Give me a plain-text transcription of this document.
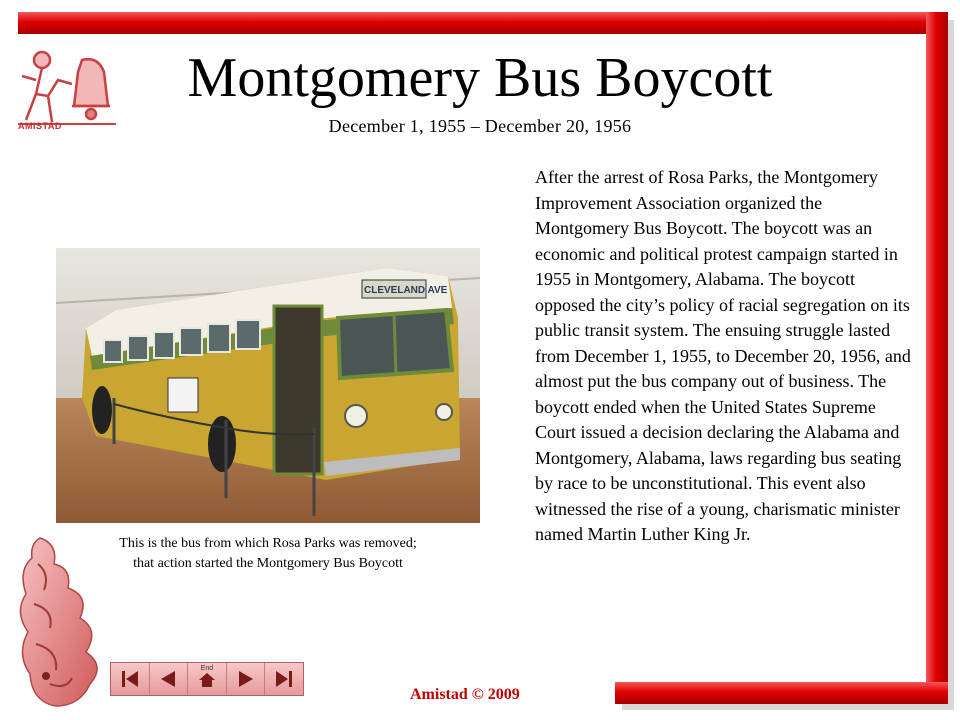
AMISTAD
Montgomery Bus Boycott
December 1, 1955 – December 20, 1956
CLEVELAND AVE
This is the bus from which Rosa Parks was removed;
that action started the Montgomery Bus Boycott
After the arrest of Rosa Parks, the Montgomery Improvement Association organized the Montgomery Bus Boycott. The boycott was an economic and political protest campaign started in 1955 in Montgomery, Alabama. The boycott opposed the city’s policy of racial segregation on its public transit system. The ensuing struggle lasted from December 1, 1955, to December 20, 1956, and almost put the bus company out of business. The boycott ended when the United States Supreme Court issued a decision declaring the Alabama and Montgomery, Alabama, laws regarding bus seating by race to be unconstitutional. This event also witnessed the rise of a young, charismatic minister named Martin Luther King Jr.
End
Amistad © 2009
